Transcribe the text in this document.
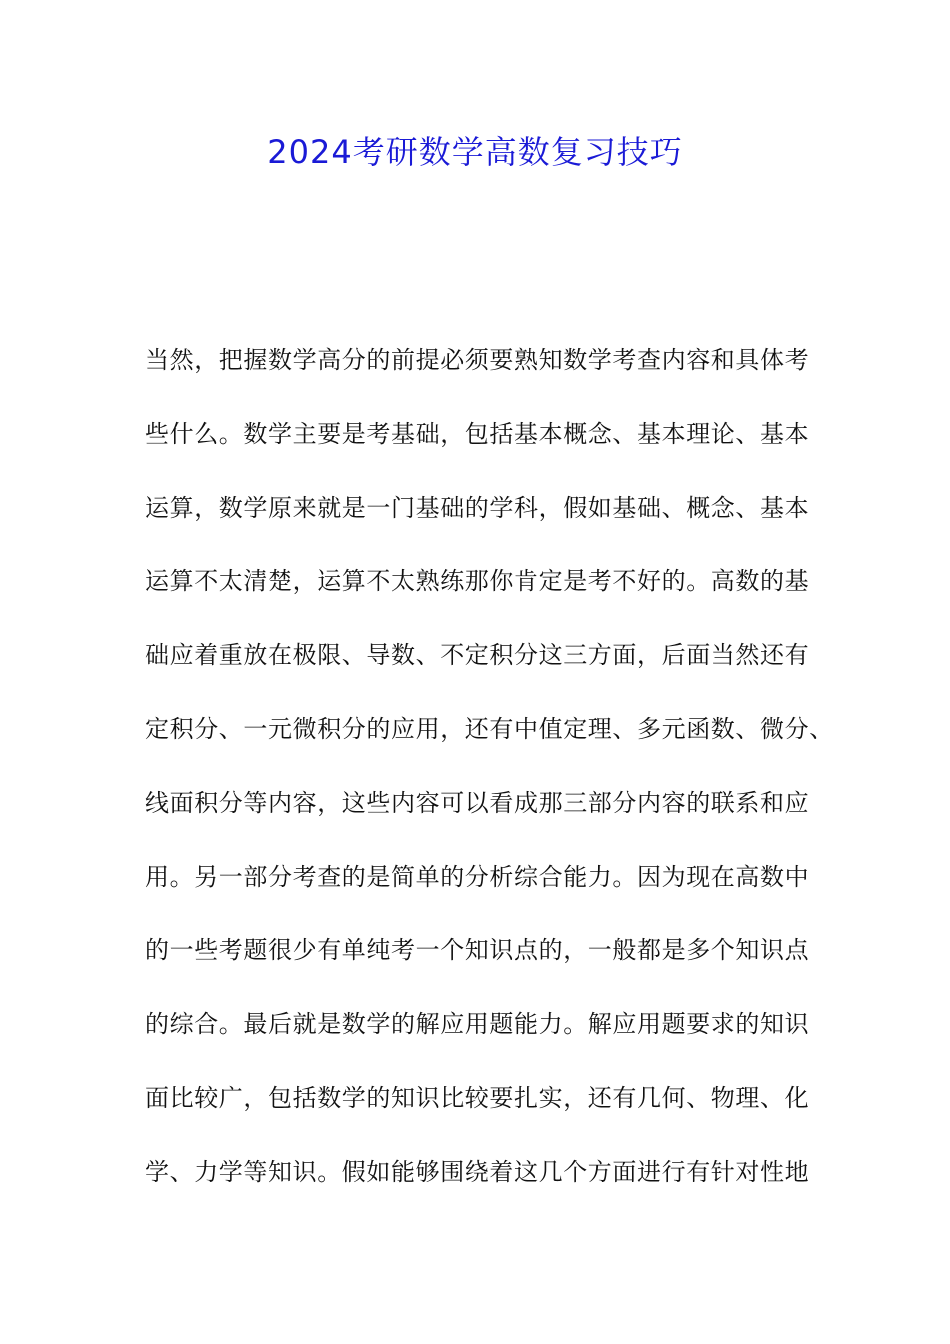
2024考研数学高数复习技巧
当然，把握数学高分的前提必须要熟知数学考查内容和具体考
些什么。数学主要是考基础，包括基本概念、基本理论、基本
运算，数学原来就是一门基础的学科，假如基础、概念、基本
运算不太清楚，运算不太熟练那你肯定是考不好的。高数的基
础应着重放在极限、导数、不定积分这三方面，后面当然还有
定积分、一元微积分的应用，还有中值定理、多元函数、微分、
线面积分等内容，这些内容可以看成那三部分内容的联系和应
用。另一部分考查的是简单的分析综合能力。因为现在高数中
的一些考题很少有单纯考一个知识点的，一般都是多个知识点
的综合。最后就是数学的解应用题能力。解应用题要求的知识
面比较广，包括数学的知识比较要扎实，还有几何、物理、化
学、力学等知识。假如能够围绕着这几个方面进行有针对性地
